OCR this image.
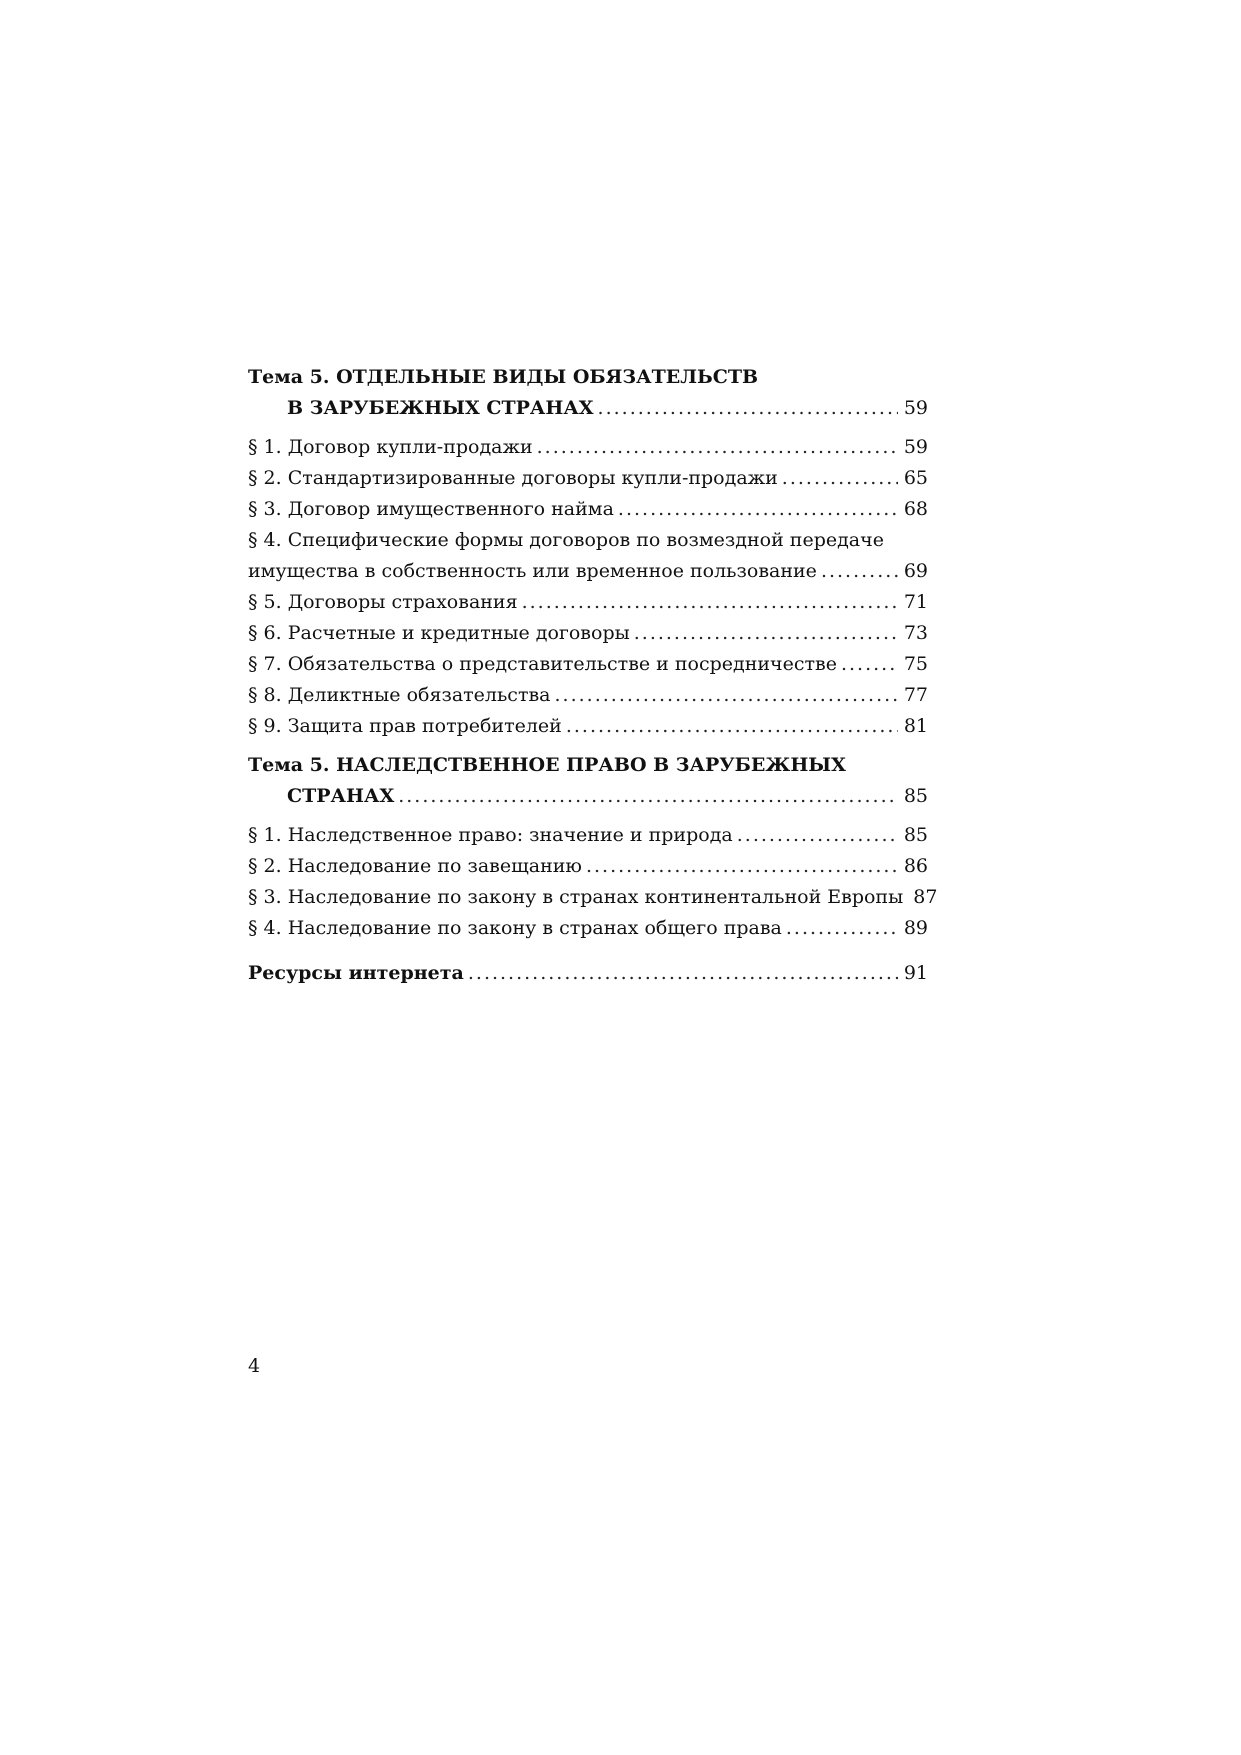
Тема 5. ОТДЕЛЬНЫЕ ВИДЫ ОБЯЗАТЕЛЬСТВ
В ЗАРУБЕЖНЫХ СТРАНАХ .....	59
§ 1. Договор купли-продажи .....	59
§ 2. Стандартизированные договоры купли-продажи .....	65
§ 3. Договор имущественного найма .....	68
§ 4. Специфические формы договоров по возмездной передаче
имущества в собственность или временное пользование .....	69
§ 5. Договоры страхования .....	71
§ 6. Расчетные и кредитные договоры .....	73
§ 7. Обязательства о представительстве и посредничестве .....	75
§ 8. Деликтные обязательства .....	77
§ 9. Защита прав потребителей .....	81
Тема 5. НАСЛЕДСТВЕННОЕ ПРАВО В ЗАРУБЕЖНЫХ
СТРАНАХ .....	85
§ 1. Наследственное право: значение и природа .....	85
§ 2. Наследование по завещанию .....	86
§ 3. Наследование по закону в странах континентальной Европы 87
§ 4. Наследование по закону в странах общего права .....	89
Ресурсы интернета .....	91
4
